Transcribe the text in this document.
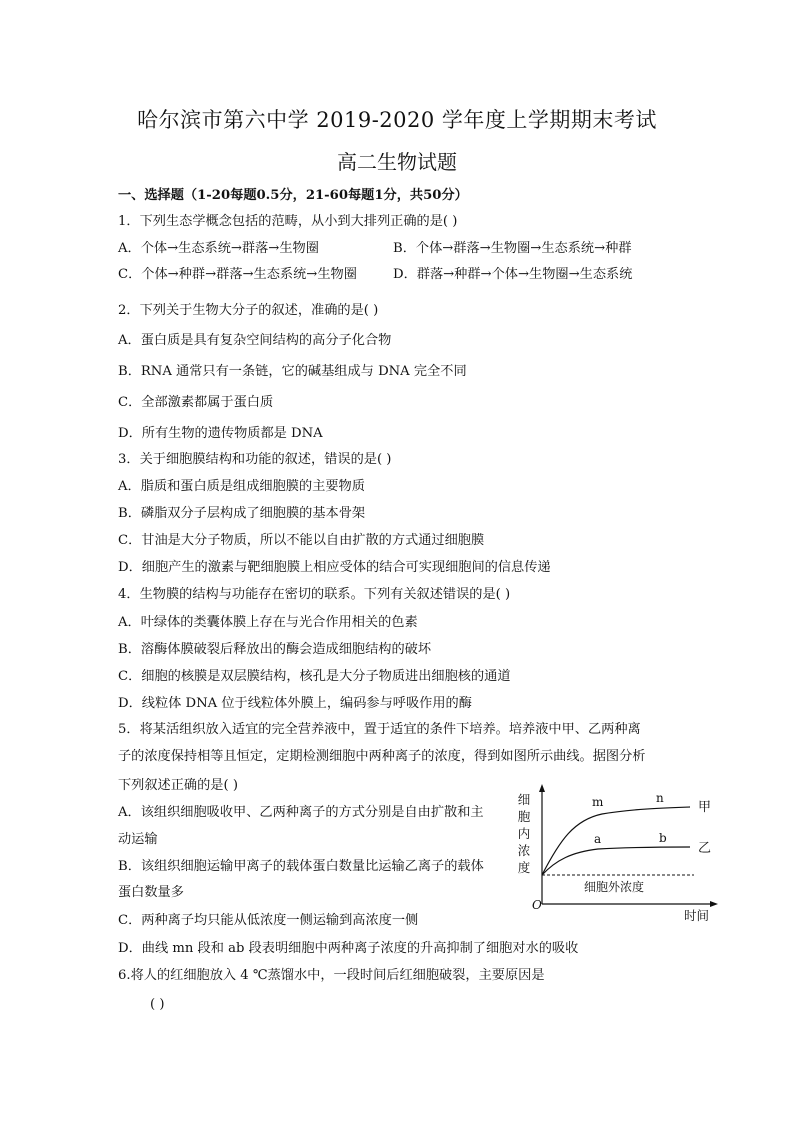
哈尔滨市第六中学 2019-2020 学年度上学期期末考试
高二生物试题
一、选择题（1-20每题0.5分，21-60每题1分，共50分）
1．下列生态学概念包括的范畴，从小到大排列正确的是( )
A．个体→生态系统→群落→生物圈	B．个体→群落→生物圈→生态系统→种群
C．个体→种群→群落→生态系统→生物圈	D．群落→种群→个体→生物圈→生态系统
2．下列关于生物大分子的叙述，准确的是( )
A．蛋白质是具有复杂空间结构的高分子化合物
B．RNA 通常只有一条链，它的碱基组成与 DNA 完全不同
C．全部激素都属于蛋白质
D．所有生物的遗传物质都是 DNA
3．关于细胞膜结构和功能的叙述，错误的是( )
A．脂质和蛋白质是组成细胞膜的主要物质
B．磷脂双分子层构成了细胞膜的基本骨架
C．甘油是大分子物质，所以不能以自由扩散的方式通过细胞膜
D．细胞产生的激素与靶细胞膜上相应受体的结合可实现细胞间的信息传递
4．生物膜的结构与功能存在密切的联系。下列有关叙述错误的是( )
A．叶绿体的类囊体膜上存在与光合作用相关的色素
B．溶酶体膜破裂后释放出的酶会造成细胞结构的破坏
C．细胞的核膜是双层膜结构，核孔是大分子物质进出细胞核的通道
D．线粒体 DNA 位于线粒体外膜上，编码参与呼吸作用的酶
5．将某活组织放入适宜的完全营养液中，置于适宜的条件下培养。培养液中甲、乙两种离
子的浓度保持相等且恒定，定期检测细胞中两种离子的浓度，得到如图所示曲线。据图分析
下列叙述正确的是( )
A．该组织细胞吸收甲、乙两种离子的方式分别是自由扩散和主
动运输
B．该组织细胞运输甲离子的载体蛋白数量比运输乙离子的载体
蛋白数量多
C．两种离子均只能从低浓度一侧运输到高浓度一侧
D．曲线 mn 段和 ab 段表明细胞中两种离子浓度的升高抑制了细胞对水的吸收
6.将人的红细胞放入 4 ℃蒸馏水中，一段时间后红细胞破裂，主要原因是
( )
细
胞
内
浓
度
O
时间
细胞外浓度
m	n
甲
a	b
乙
